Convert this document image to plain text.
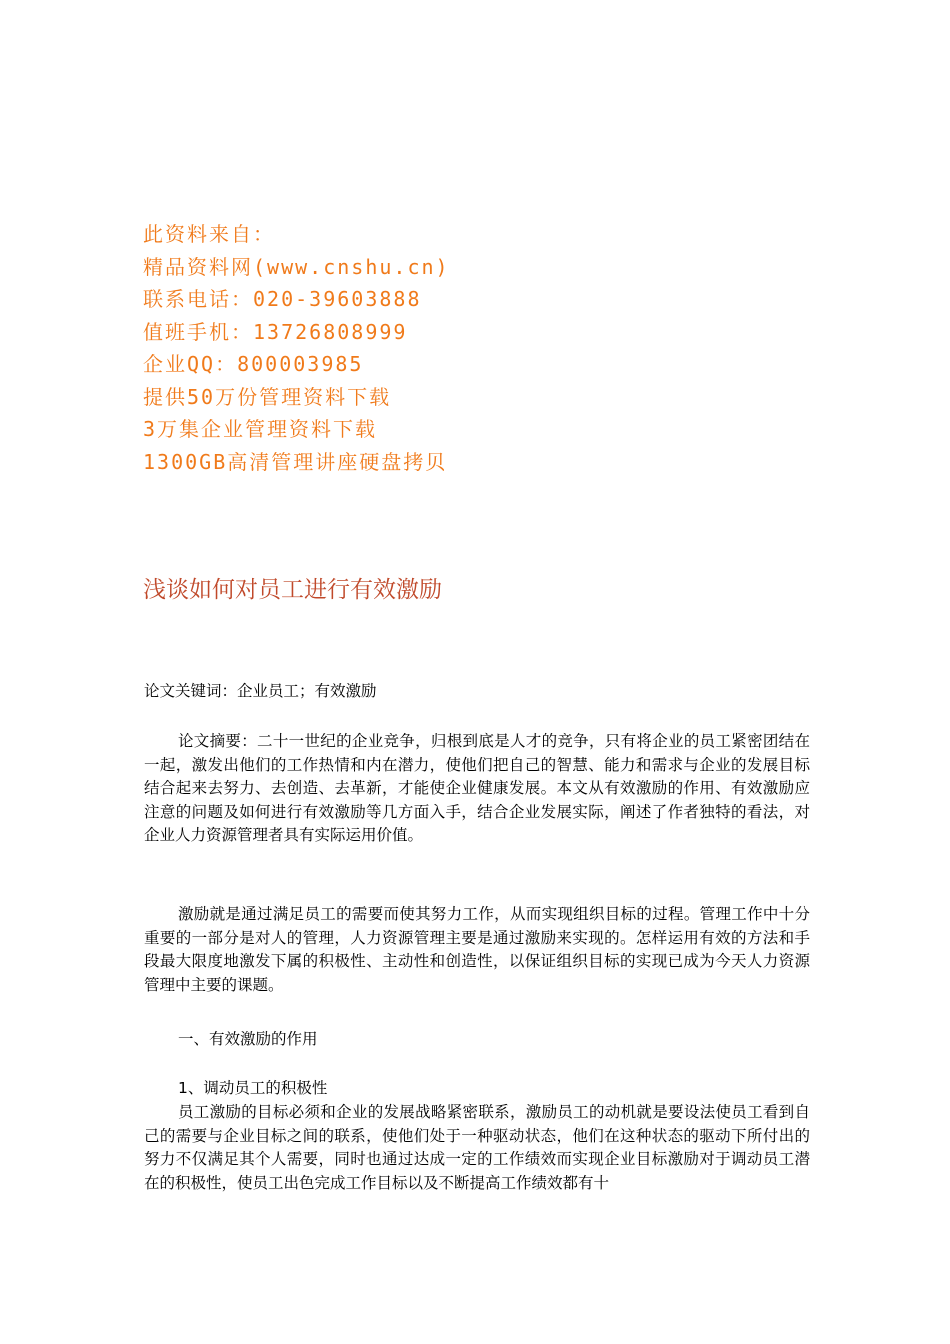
此资料来自：
精品资料网(www.cnshu.cn)
联系电话：020-39603888
值班手机：13726808999
企业QQ：800003985
提供50万份管理资料下载
3万集企业管理资料下载
1300GB高清管理讲座硬盘拷贝
浅谈如何对员工进行有效激励
论文关键词：企业员工；有效激励
论文摘要：二十一世纪的企业竞争，归根到底是人才的竞争，只有将企业的员工紧密团结在一起，激发出他们的工作热情和内在潜力，使他们把自己的智慧、能力和需求与企业的发展目标结合起来去努力、去创造、去革新，才能使企业健康发展。本文从有效激励的作用、有效激励应注意的问题及如何进行有效激励等几方面入手，结合企业发展实际，阐述了作者独特的看法，对企业人力资源管理者具有实际运用价值。
激励就是通过满足员工的需要而使其努力工作，从而实现组织目标的过程。管理工作中十分重要的一部分是对人的管理，人力资源管理主要是通过激励来实现的。怎样运用有效的方法和手段最大限度地激发下属的积极性、主动性和创造性，以保证组织目标的实现已成为今天人力资源管理中主要的课题。
一、有效激励的作用
1、调动员工的积极性
员工激励的目标必须和企业的发展战略紧密联系，激励员工的动机就是要设法使员工看到自己的需要与企业目标之间的联系，使他们处于一种驱动状态，他们在这种状态的驱动下所付出的努力不仅满足其个人需要，同时也通过达成一定的工作绩效而实现企业目标激励对于调动员工潜在的积极性，使员工出色完成工作目标以及不断提高工作绩效都有十
